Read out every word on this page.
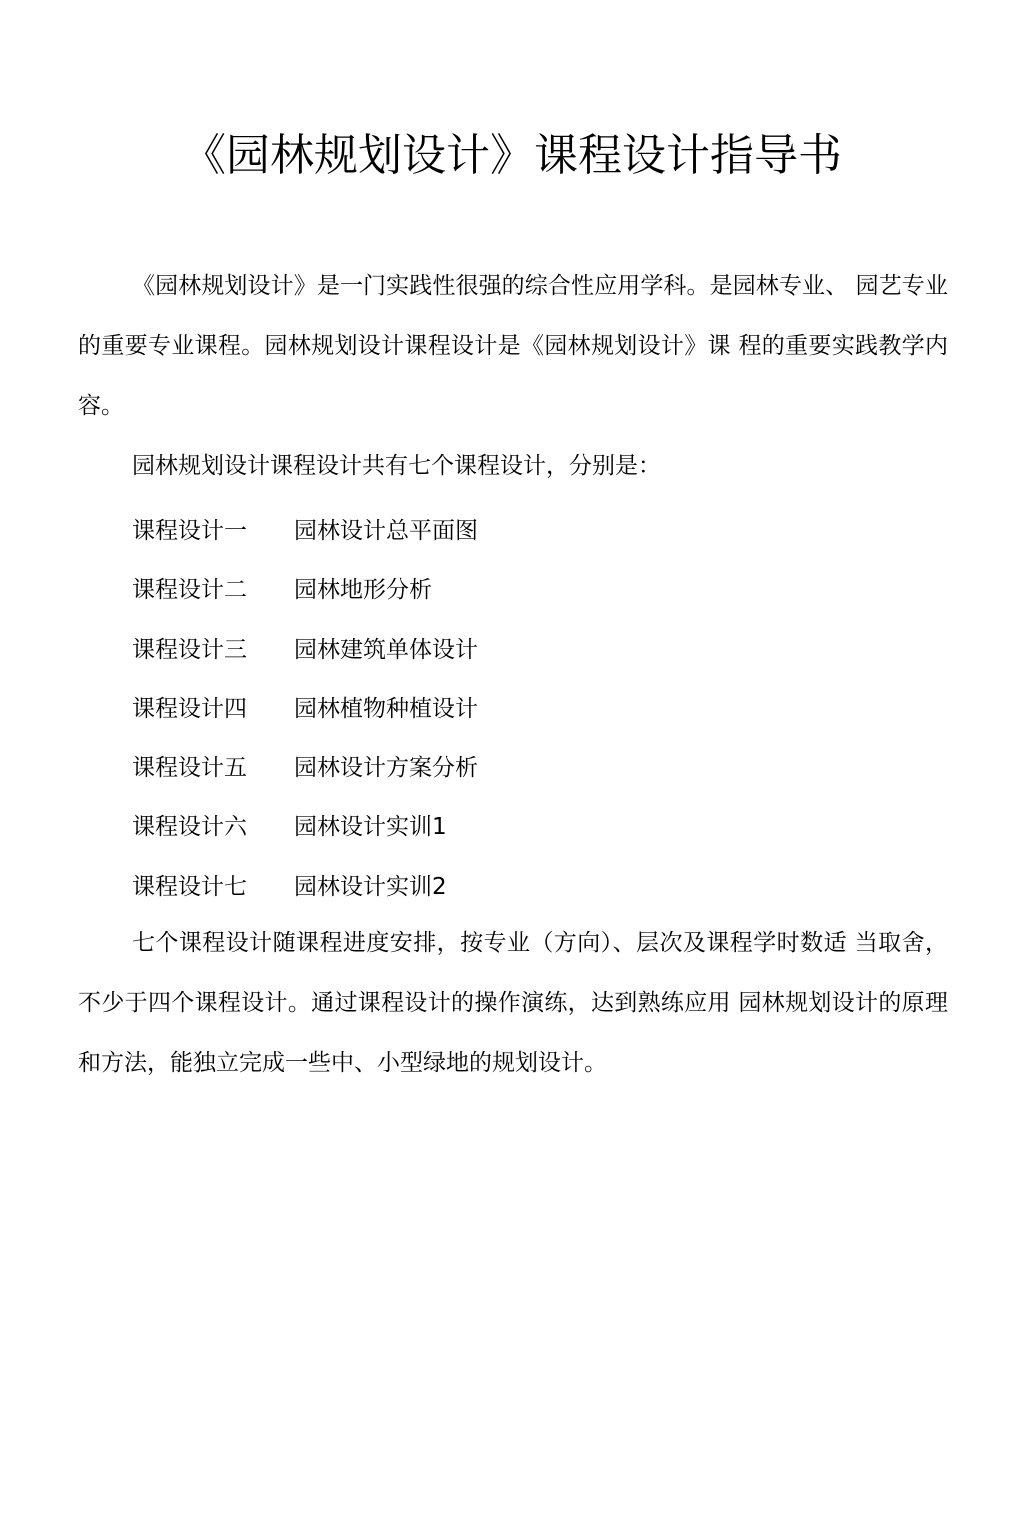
《园林规划设计》课程设计指导书

《园林规划设计》是一门实践性很强的综合性应用学科。是园林专业、 园艺专业的重要专业课程。园林规划设计课程设计是《园林规划设计》课 程的重要实践教学内容。

园林规划设计课程设计共有七个课程设计，分别是：

课程设计一 园林设计总平面图
课程设计二 园林地形分析
课程设计三 园林建筑单体设计
课程设计四 园林植物种植设计
课程设计五 园林设计方案分析
课程设计六 园林设计实训1
课程设计七 园林设计实训2

七个课程设计随课程进度安排，按专业（方向）、层次及课程学时数适 当取舍，不少于四个课程设计。通过课程设计的操作演练，达到熟练应用 园林规划设计的原理和方法，能独立完成一些中、小型绿地的规划设计。
